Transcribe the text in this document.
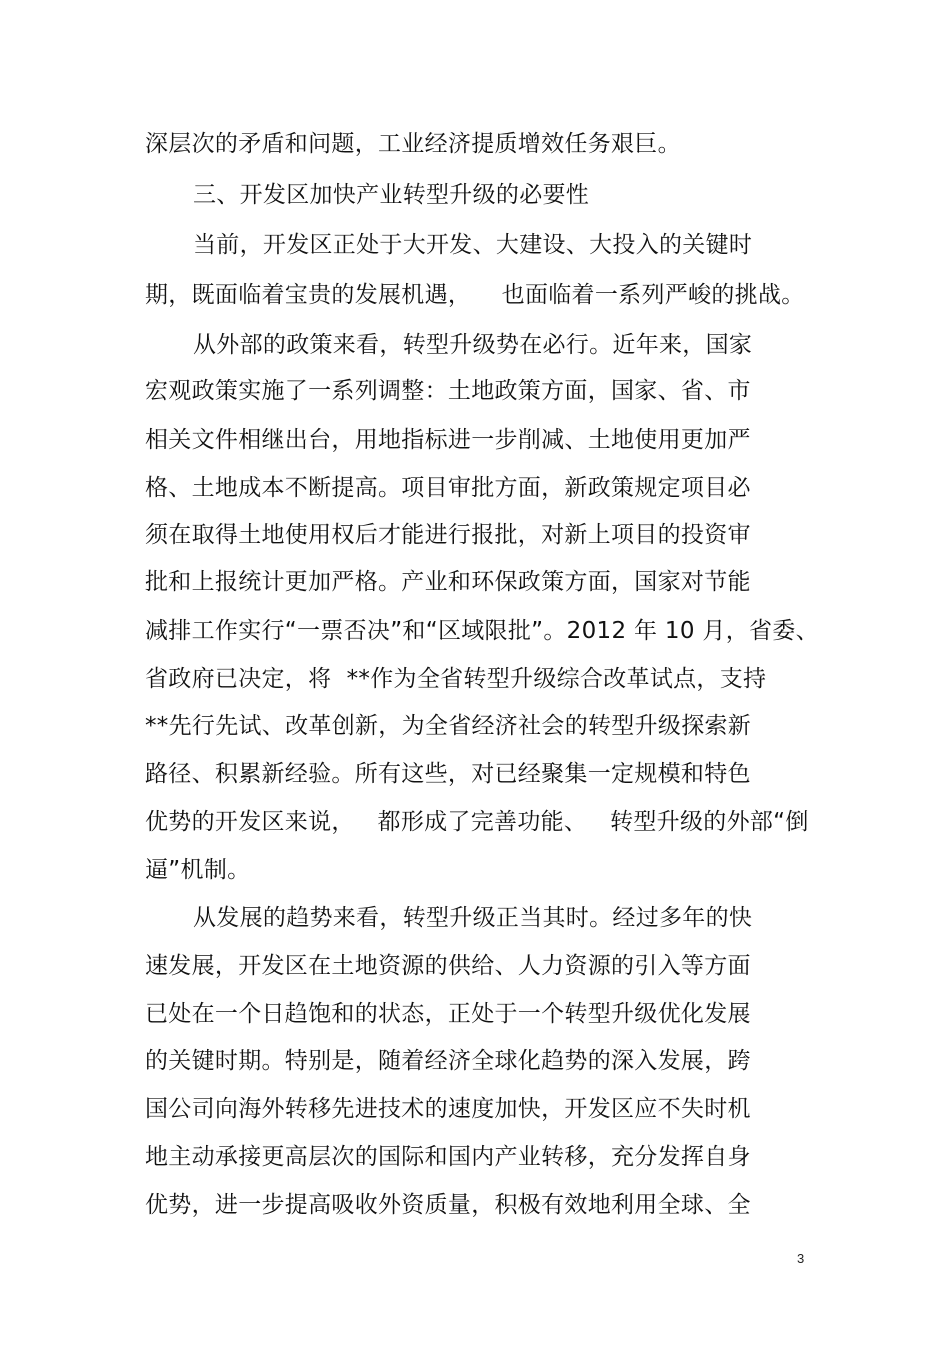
深层次的矛盾和问题，工业经济提质增效任务艰巨。
三、开发区加快产业转型升级的必要性
当前，开发区正处于大开发、大建设、大投入的关键时
期，既面临着宝贵的发展机遇，    也面临着一系列严峻的挑战。
从外部的政策来看，转型升级势在必行。近年来，国家
宏观政策实施了一系列调整：土地政策方面，国家、省、市
相关文件相继出台，用地指标进一步削减、土地使用更加严
格、土地成本不断提高。项目审批方面，新政策规定项目必
须在取得土地使用权后才能进行报批，对新上项目的投资审
批和上报统计更加严格。产业和环保政策方面，国家对节能
减排工作实行“一票否决”和“区域限批”。2012 年 10 月，省委、
省政府已决定，将  **作为全省转型升级综合改革试点，支持
**先行先试、改革创新，为全省经济社会的转型升级探索新
路径、积累新经验。所有这些，对已经聚集一定规模和特色
优势的开发区来说，   都形成了完善功能、   转型升级的外部“倒
逼”机制。
从发展的趋势来看，转型升级正当其时。经过多年的快
速发展，开发区在土地资源的供给、人力资源的引入等方面
已处在一个日趋饱和的状态，正处于一个转型升级优化发展
的关键时期。特别是，随着经济全球化趋势的深入发展，跨
国公司向海外转移先进技术的速度加快，开发区应不失时机
地主动承接更高层次的国际和国内产业转移，充分发挥自身
优势，进一步提高吸收外资质量，积极有效地利用全球、全
3
